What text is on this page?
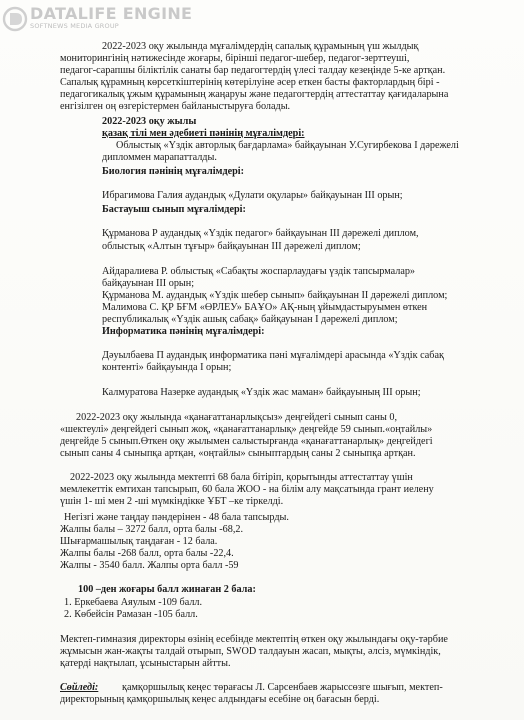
DATALIFE ENGINE
SOFTNEWS MEDIA GROUP
2022-2023 оқу жылында мұғалімдердің сапалық құрамының үш жылдық
мониторингінің нәтижесінде жоғары, бірінші педагог-шебер, педагог-зерттеуші,
педагог-сарапшы біліктілік санаты бар педагогтердің үлесі талдау кезеңінде 5-ке артқан.
Сапалық құрамның көрсеткіштерінің көтерілуіне әсер еткен басты факторлардың бірі -
педагогикалық ұжым құрамының жаңаруы және педагогтердің аттестаттау қағидаларына
енгізілген оң өзгерістермен байланыстыруға болады.
2022-2023 оқу жылы
қазақ тілі мен әдебиеті пәнінің мұғалімдері:
Облыстық «Үздік авторлық бағдарлама» байқауынан У.Сугирбекова І дәрежелі
дипломмен марапатталды.
Биология пәнінің мұғалімдері:
Ибрагимова Галия аудандық «Дулати оқулары» байқауынан ІІІ орын;
Бастауыш сынып мұғалімдері:
Құрманова Р аудандық «Үздік педагог» байқауынан ІІІ дәрежелі диплом,
облыстық «Алтын тұғыр» байқауынан ІІІ дәрежелі диплом;
Айдаралиева Р. облыстық «Сабақты жоспарлаудағы үздік тапсырмалар»
байқауынан ІІІ орын;
Құрманова М. аудандық «Үздік шебер сынып» байқауынан ІІ дәрежелі диплом;
Малимова С. ҚР БҒМ «ӨРЛЕУ» БАҰО» АҚ-ның ұйымдастыруымен өткен
республикалық «Үздік ашық сабақ» байқауынан І дәрежелі диплом;
Информатика пәнінің мұғалімдері:
Дәуылбаева П аудандық информатика пәні мұғалімдері арасында «Үздік сабақ
контенті» байқауында І орын;
Калмуратова Назерке аудандық «Үздік жас маман» байқауының ІІІ орын;
2022-2023 оқу жылында «қанағаттанарлықсыз» деңгейдегі сынып саны 0,
«шектеулі» деңгейдегі сынып жоқ, «қанағаттанарлық» деңгейде 59 сынып.«оңтайлы»
деңгейде 5 сынып.Өткен оқу жылымен салыстырғанда «қанағаттанарлық» деңгейдегі
сынып саны 4 сыныпқа артқан, «оңтайлы» сыныптардың саны 2 сыныпқа артқан.
2022-2023 оқу жылында мектепті 68 бала бітіріп, қорытынды аттестаттау үшін
мемлекеттік емтихан тапсырып, 60 бала ЖОО - на білім алу мақсатында грант иелену
үшін 1- ші мен 2 -ші мүмкіндікке ҰБТ –ке тіркелді.
Негізгі және таңдау пәндерінен - 48 бала тапсырды.
Жалпы балы – 3272 балл, орта балы -68,2.
Шығармашылық таңдаған - 12 бала.
Жалпы балы -268 балл, орта балы -22,4.
Жалпы - 3540 балл. Жалпы орта балл -59
100 –ден жоғары балл жинаған 2 бала:
1. Еркебаева Аяулым -109 балл.
2. Көбейсін Рамазан -105 балл.
Мектеп-гимназия директоры өзінің есебінде мектептің өткен оқу жылындағы оқу-тәрбие
жұмысын жан-жақты талдай отырып, SWOD талдауын жасап, мықты, әлсіз, мүмкіндік,
қатерді нақтылап, ұсыныстарын айтты.
Сөйледі: қамқоршылық кеңес төрағасы Л. Сарсенбаев жарыссөзге шығып, мектеп-
директорының қамқоршылық кеңес алдындағы есебіне оң бағасын берді.
